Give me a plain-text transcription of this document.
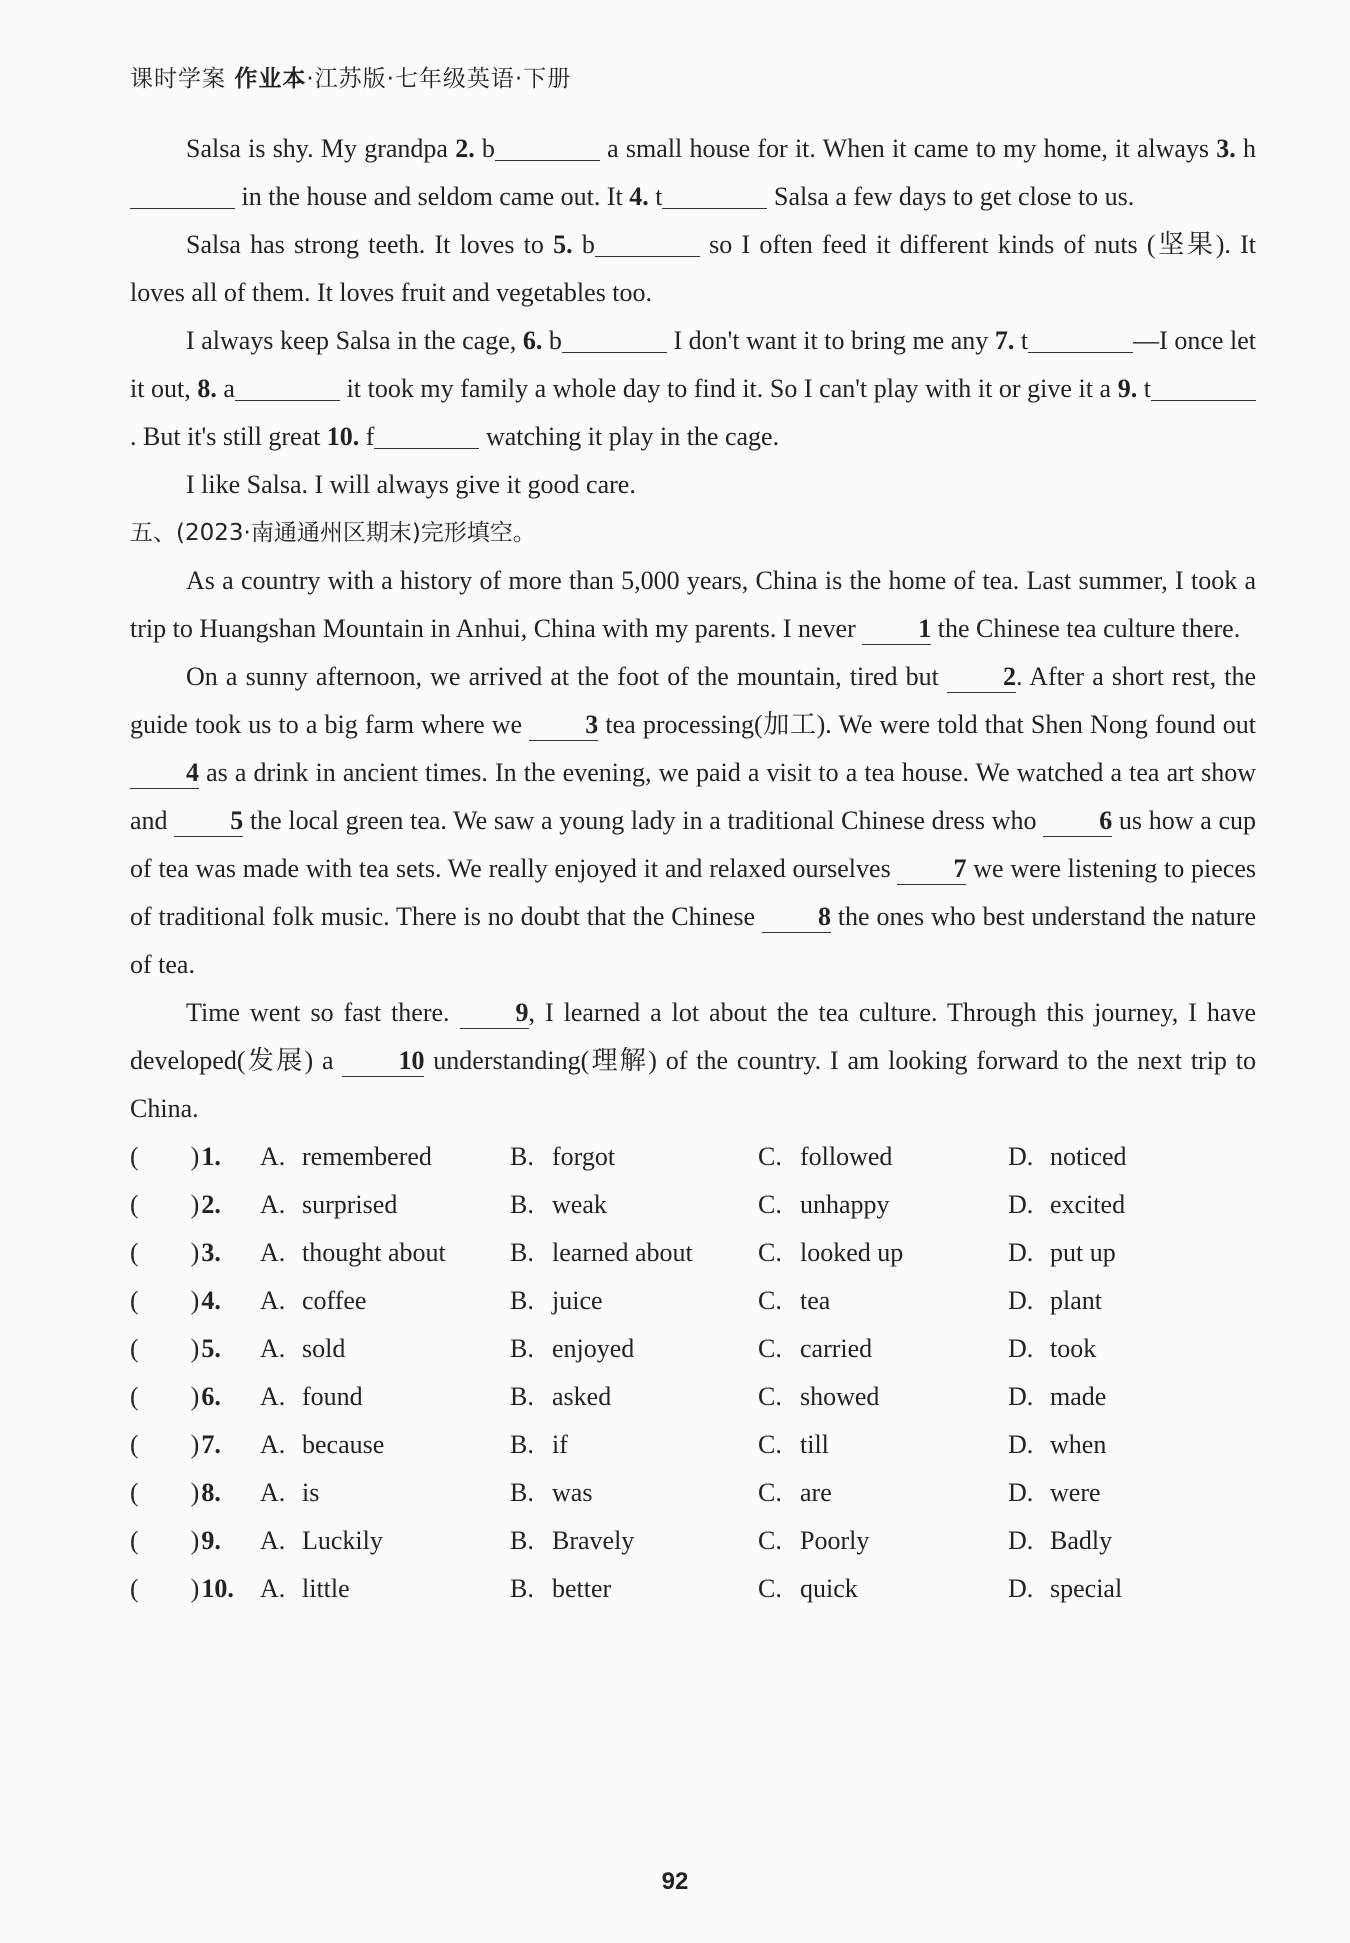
课时学案 作业本·江苏版·七年级英语·下册

Salsa is shy. My grandpa 2. b	a small house for it. When it came to my home, it always 3. h in the house and seldom came out. It 4. t	Salsa a few days to get close to us.

Salsa has strong teeth. It loves to 5. b	so I often feed it different kinds of nuts (坚果). It loves all of them. It loves fruit and vegetables too.

I always keep Salsa in the cage, 6. b	I don't want it to bring me any 7. t	—I once let it out, 8. a	it took my family a whole day to find it. So I can't play with it or give it a 9. t. But it's still great 10. f	watching it play in the cage.

I like Salsa. I will always give it good care.

五、(2023·南通通州区期末)完形填空。

As a country with a history of more than 5,000 years, China is the home of tea. Last summer, I took a trip to Huangshan Mountain in Anhui, China with my parents. I never 1 the Chinese tea culture there.

On a sunny afternoon, we arrived at the foot of the mountain, tired but 2. After a short rest, the guide took us to a big farm where we 3 tea processing(加工). We were told that Shen Nong found out 4 as a drink in ancient times. In the evening, we paid a visit to a tea house. We watched a tea art show and 5 the local green tea. We saw a young lady in a traditional Chinese dress who 6 us how a cup of tea was made with tea sets. We really enjoyed it and relaxed ourselves 7 we were listening to pieces of traditional folk music. There is no doubt that the Chinese 8 the ones who best understand the nature of tea.

Time went so fast there. 9, I learned a lot about the tea culture. Through this journey, I have developed(发展) a 10 understanding(理解) of the country. I am looking forward to the next trip to China.

( )1.	A. remembered	B. forgot	C. followed	D. noticed
( )2.	A. surprised	B. weak	C. unhappy	D. excited
( )3.	A. thought about	B. learned about	C. looked up	D. put up
( )4.	A. coffee	B. juice	C. tea	D. plant
( )5.	A. sold	B. enjoyed	C. carried	D. took
( )6.	A. found	B. asked	C. showed	D. made
( )7.	A. because	B. if	C. till	D. when
( )8.	A. is	B. was	C. are	D. were
( )9.	A. Luckily	B. Bravely	C. Poorly	D. Badly
( )10.	A. little	B. better	C. quick	D. special
92
